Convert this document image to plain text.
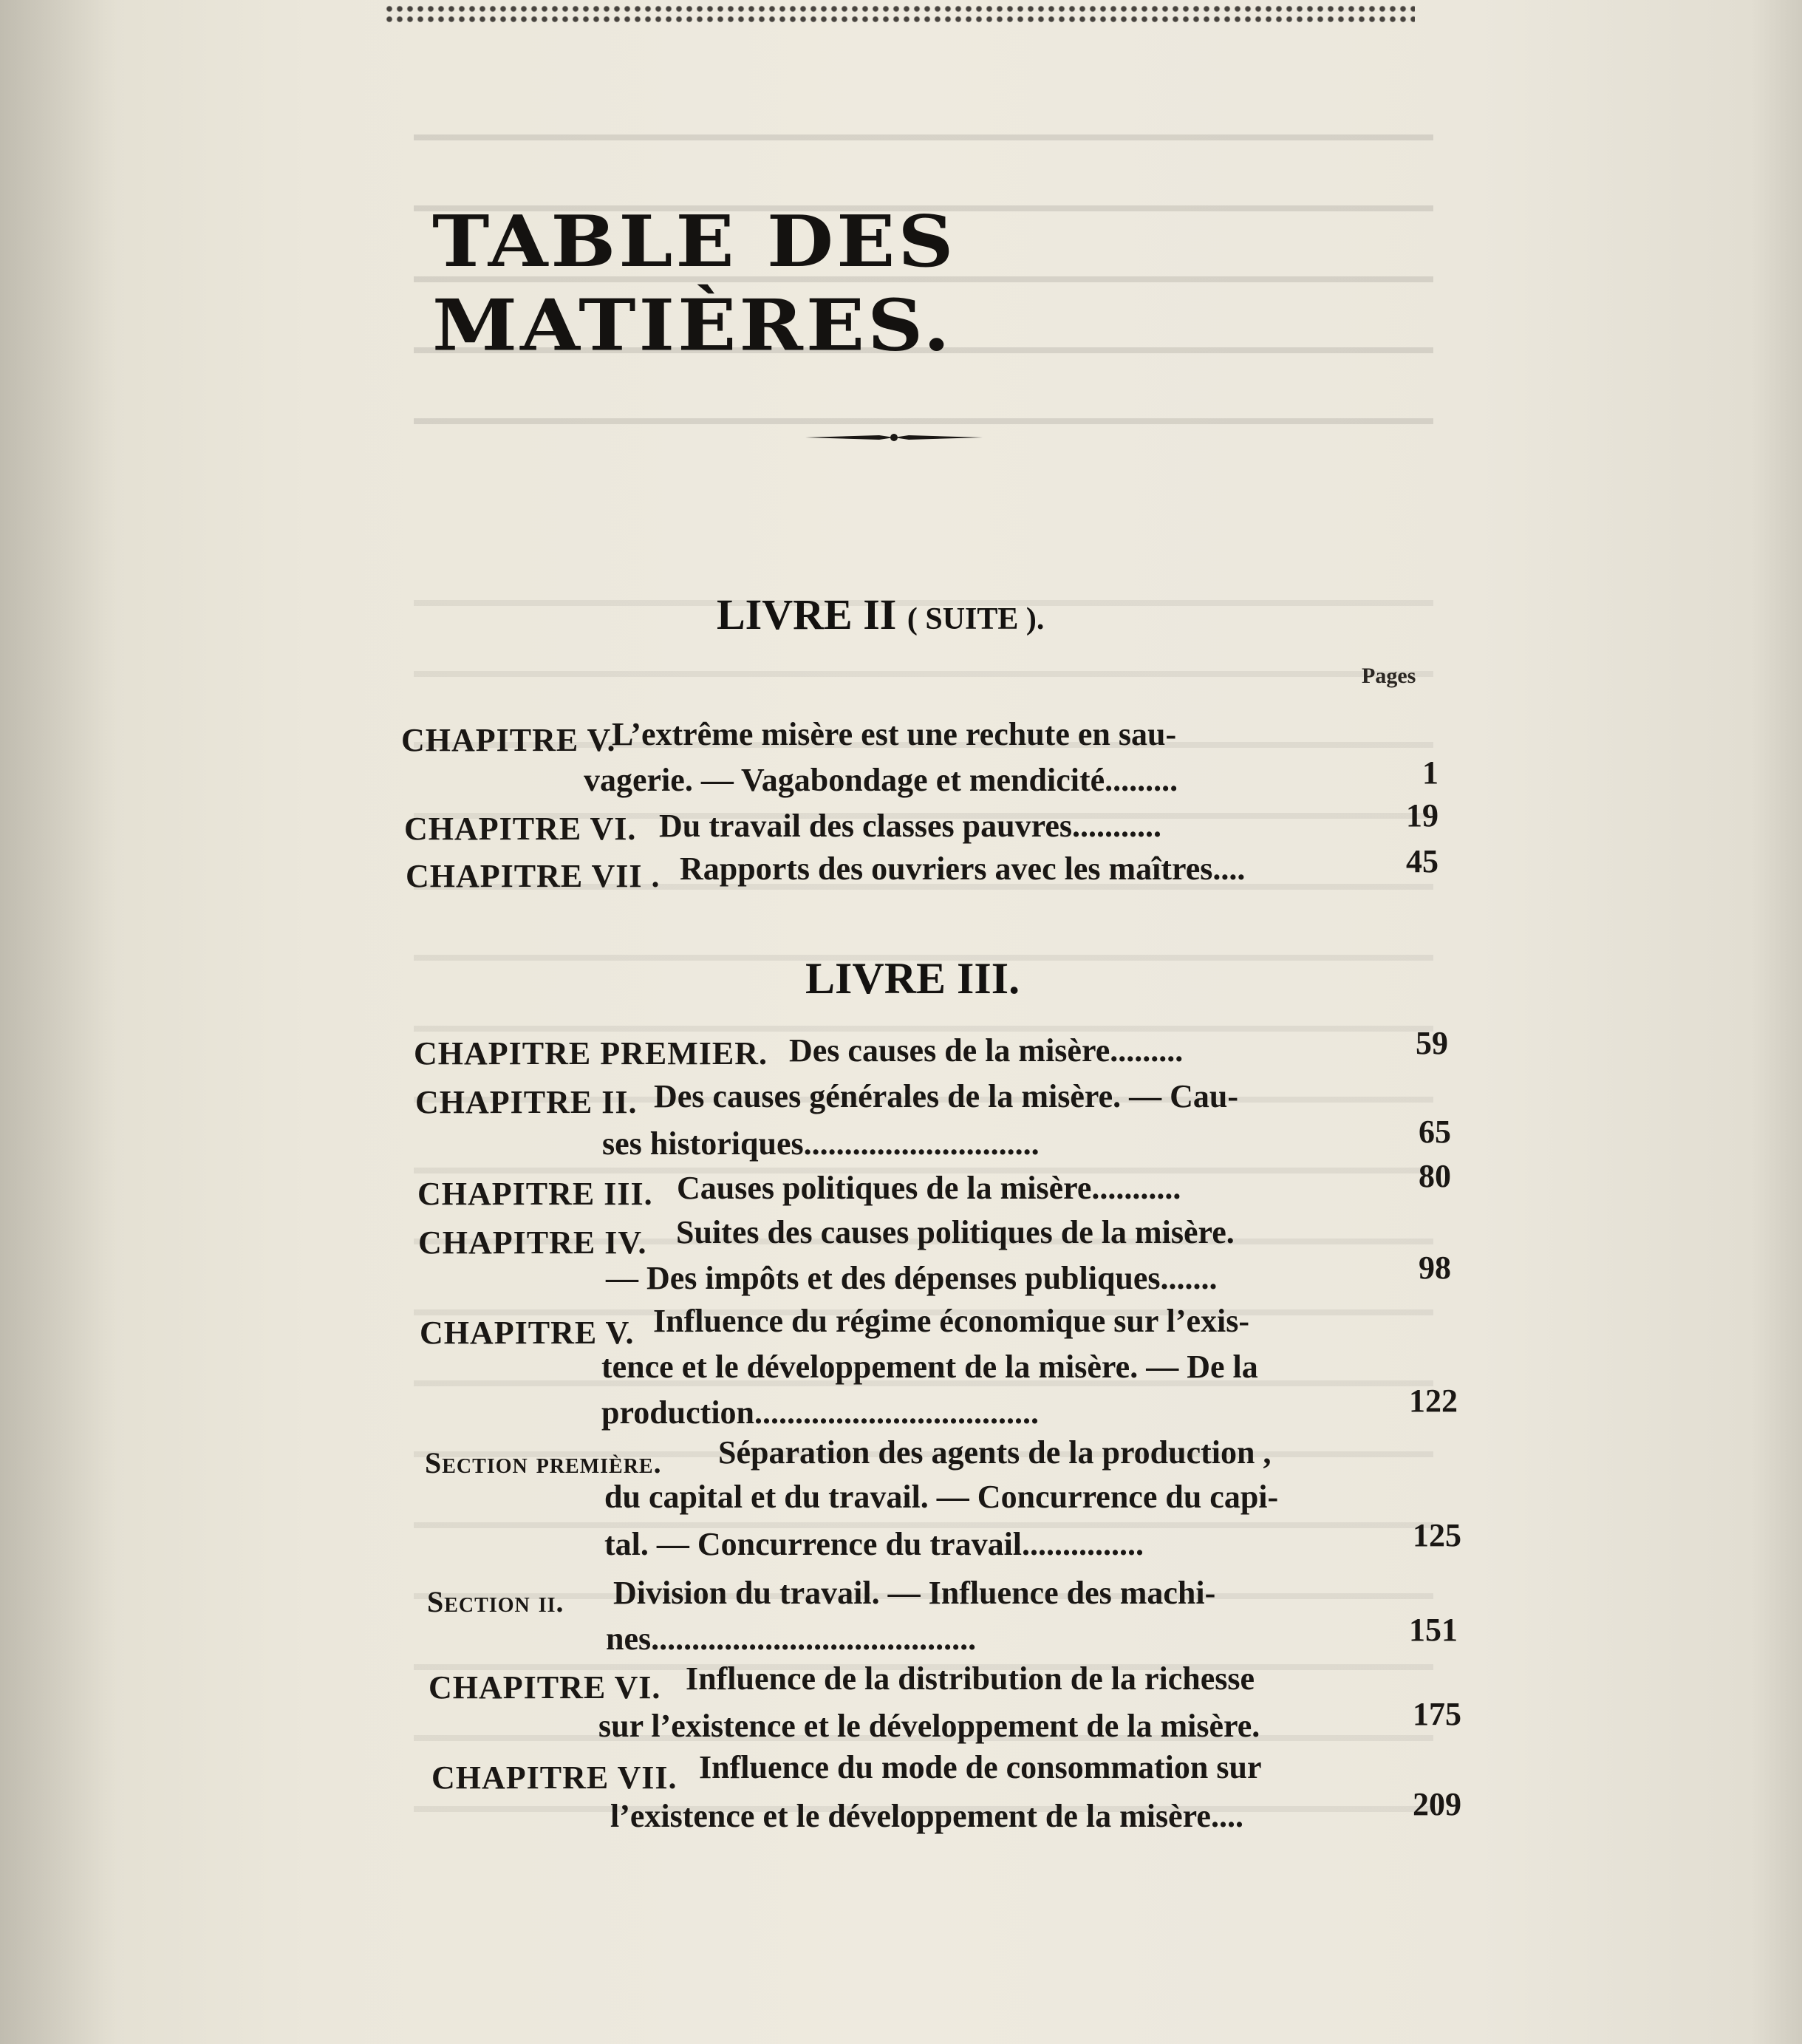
TABLE DES MATIÈRES.
LIVRE II ( SUITE ).
Pages
CHAPITRE V.
L’extrême misère est une rechute en sau-
vagerie. — Vagabondage et mendicité.........	1
CHAPITRE VI. Du travail des classes pauvres...........	19
CHAPITRE VII . Rapports des ouvriers avec les maîtres....	45
LIVRE III.
CHAPITRE PREMIER. Des causes de la misère.........	59
CHAPITRE II. Des causes générales de la misère. — Cau-
ses historiques.............................	65
CHAPITRE III. Causes politiques de la misère...........	80
CHAPITRE IV. Suites des causes politiques de la misère.
— Des impôts et des dépenses publiques.......	98
CHAPITRE V. Influence du régime économique sur l’exis-
tence et le développement de la misère. — De la
production...................................	122
Section première. Séparation des agents de la production ,
du capital et du travail. — Concurrence du capi-
tal. — Concurrence du travail...............	125
Section ii. Division du travail. — Influence des machi-
nes........................................	151
CHAPITRE VI. Influence de la distribution de la richesse
sur l’existence et le développement de la misère.	175
CHAPITRE VII. Influence du mode de consommation sur
l’existence et le développement de la misère....	209
